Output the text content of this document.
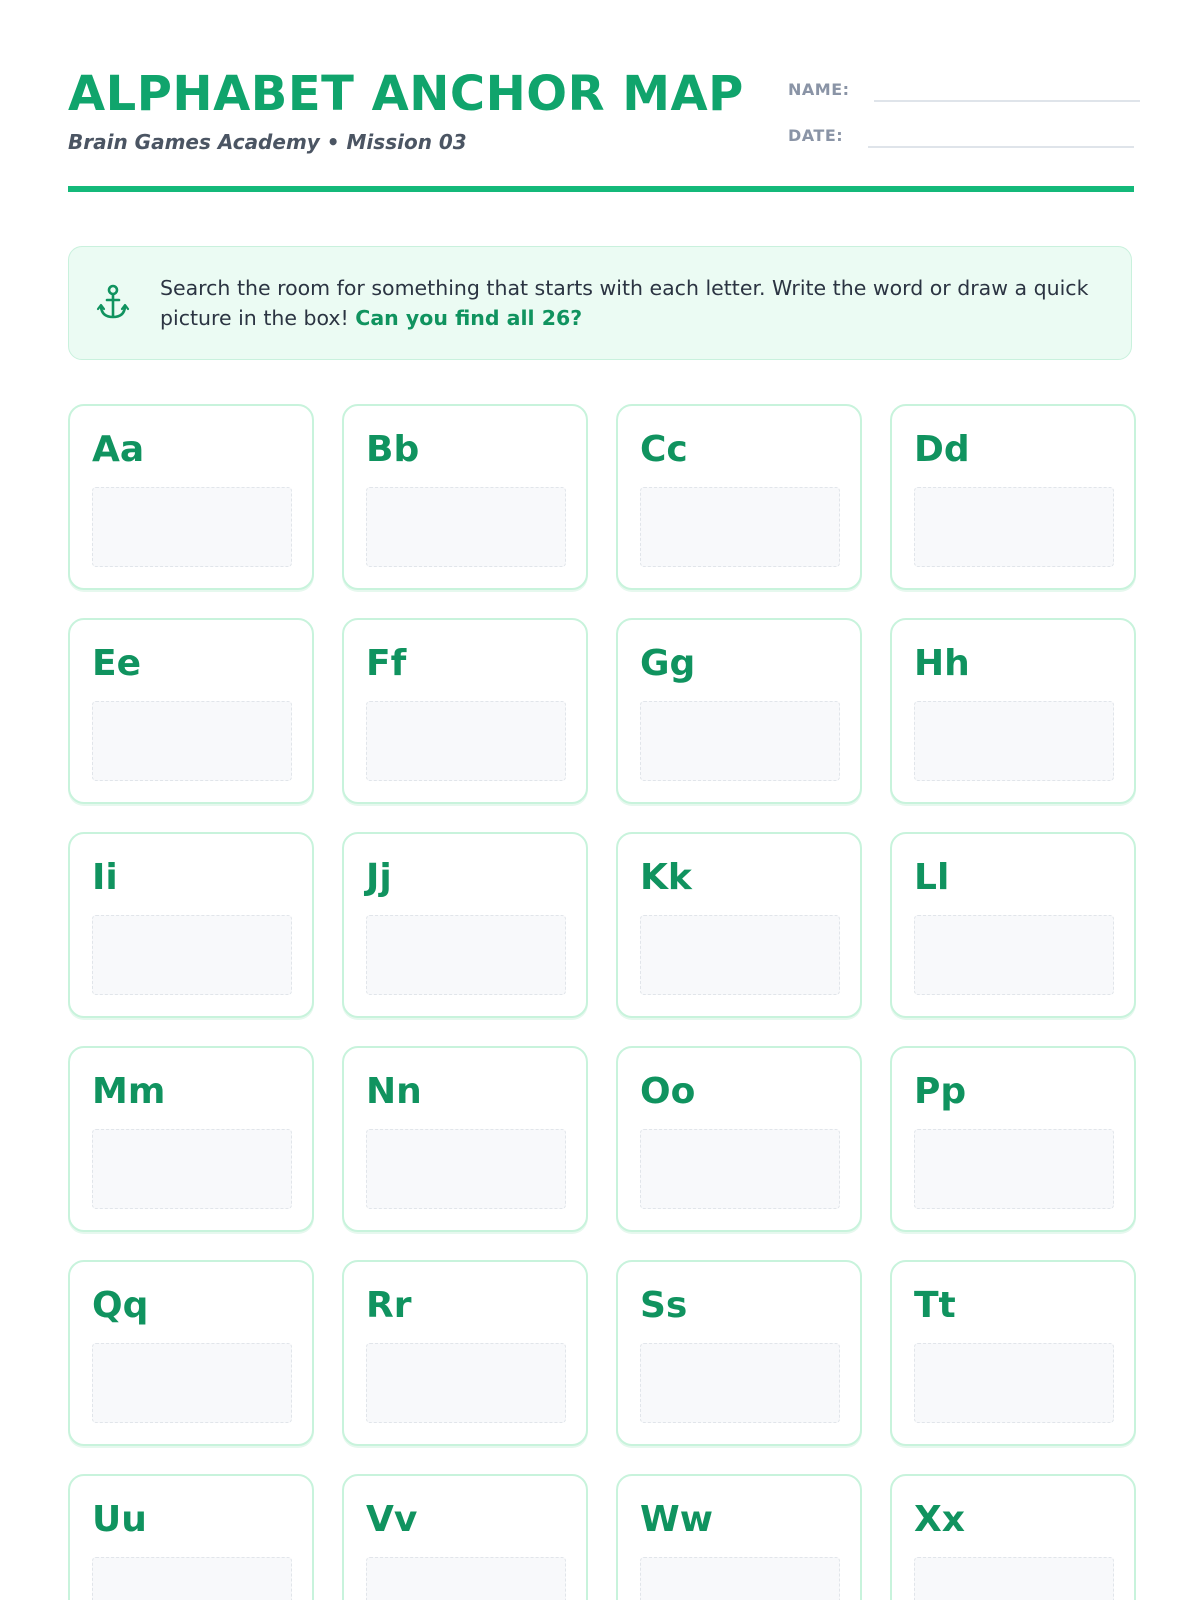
ALPHABET ANCHOR MAP
Brain Games Academy • Mission 03
NAME:
DATE:
Search the room for something that starts with each letter. Write the word or draw a quick picture in the box! Can you find all 26?
Aa	Bb	Cc	Dd
Ee	Ff	Gg	Hh
Ii	Jj	Kk	Ll
Mm	Nn	Oo	Pp
Qq	Rr	Ss	Tt
Uu	Vv	Ww	Xx
